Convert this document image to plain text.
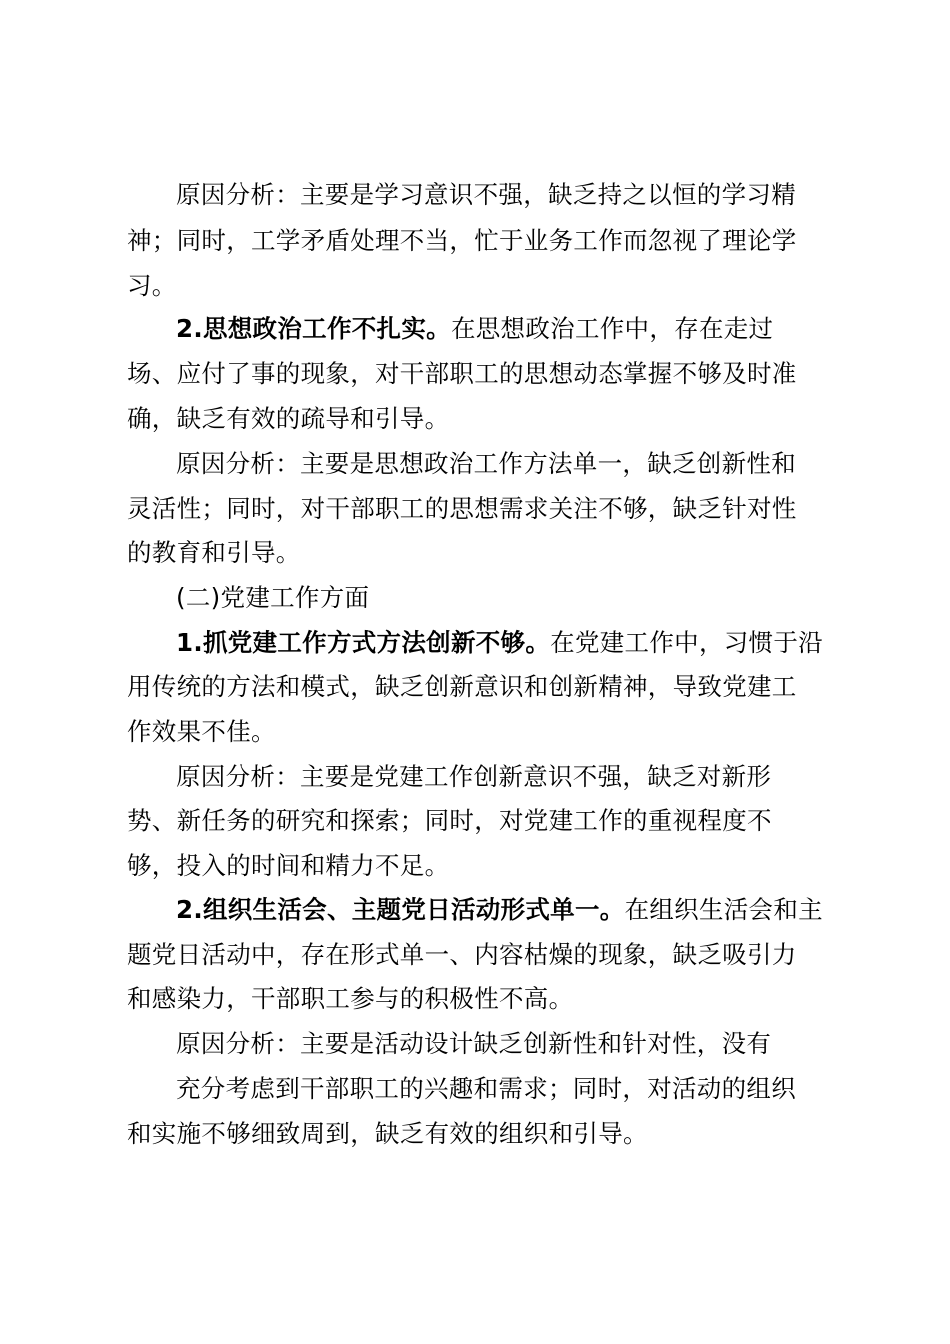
原因分析：主要是学习意识不强，缺乏持之以恒的学习精
神；同时，工学矛盾处理不当，忙于业务工作而忽视了理论学
习。
2.思想政治工作不扎实。在思想政治工作中，存在走过
场、应付了事的现象，对干部职工的思想动态掌握不够及时准
确，缺乏有效的疏导和引导。
原因分析：主要是思想政治工作方法单一，缺乏创新性和
灵活性；同时，对干部职工的思想需求关注不够，缺乏针对性
的教育和引导。
(二)党建工作方面
1.抓党建工作方式方法创新不够。在党建工作中，习惯于沿
用传统的方法和模式，缺乏创新意识和创新精神，导致党建工
作效果不佳。
原因分析：主要是党建工作创新意识不强，缺乏对新形
势、新任务的研究和探索；同时，对党建工作的重视程度不
够，投入的时间和精力不足。
2.组织生活会、主题党日活动形式单一。在组织生活会和主
题党日活动中，存在形式单一、内容枯燥的现象，缺乏吸引力
和感染力，干部职工参与的积极性不高。
原因分析：主要是活动设计缺乏创新性和针对性，没有
充分考虑到干部职工的兴趣和需求；同时，对活动的组织
和实施不够细致周到，缺乏有效的组织和引导。
